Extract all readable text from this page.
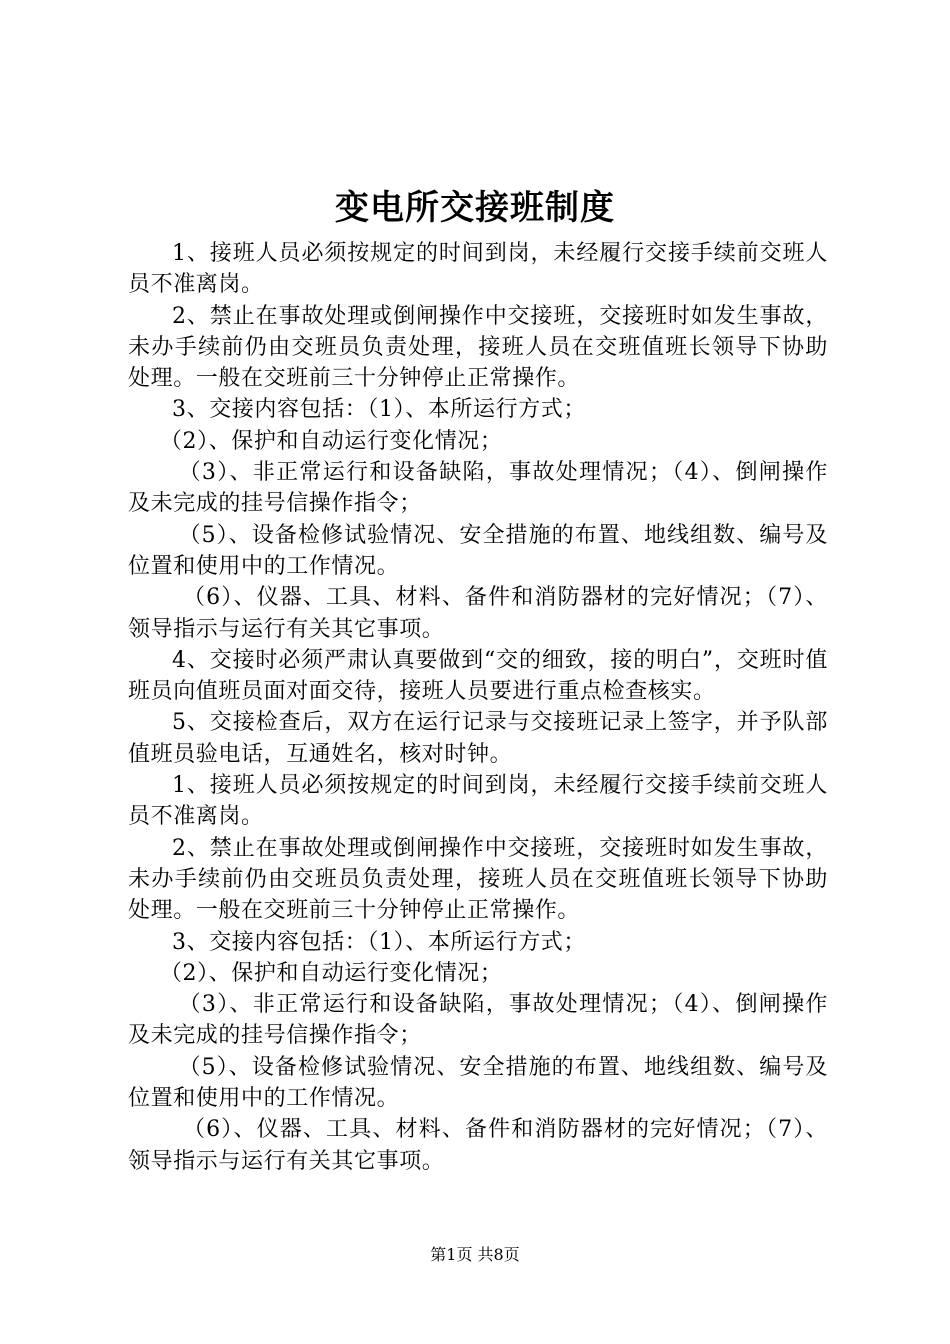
变电所交接班制度

1、接班人员必须按规定的时间到岗，未经履行交接手续前交班人员不准离岗。

2、禁止在事故处理或倒闸操作中交接班，交接班时如发生事故，未办手续前仍由交班员负责处理，接班人员在交班值班长领导下协助处理。一般在交班前三十分钟停止正常操作。

3、交接内容包括：（1）、本所运行方式；

（2）、保护和自动运行变化情况；

（3）、非正常运行和设备缺陷，事故处理情况；（4）、倒闸操作及未完成的挂号信操作指令；

（5）、设备检修试验情况、安全措施的布置、地线组数、编号及位置和使用中的工作情况。

（6）、仪器、工具、材料、备件和消防器材的完好情况；（7）、领导指示与运行有关其它事项。

4、交接时必须严肃认真要做到“交的细致，接的明白”，交班时值班员向值班员面对面交待，接班人员要进行重点检查核实。

5、交接检查后，双方在运行记录与交接班记录上签字，并予队部值班员验电话，互通姓名，核对时钟。

1、接班人员必须按规定的时间到岗，未经履行交接手续前交班人员不准离岗。

2、禁止在事故处理或倒闸操作中交接班，交接班时如发生事故，未办手续前仍由交班员负责处理，接班人员在交班值班长领导下协助处理。一般在交班前三十分钟停止正常操作。

3、交接内容包括：（1）、本所运行方式；

（2）、保护和自动运行变化情况；

（3）、非正常运行和设备缺陷，事故处理情况；（4）、倒闸操作及未完成的挂号信操作指令；

（5）、设备检修试验情况、安全措施的布置、地线组数、编号及位置和使用中的工作情况。

（6）、仪器、工具、材料、备件和消防器材的完好情况；（7）、领导指示与运行有关其它事项。

第1页 共8页
